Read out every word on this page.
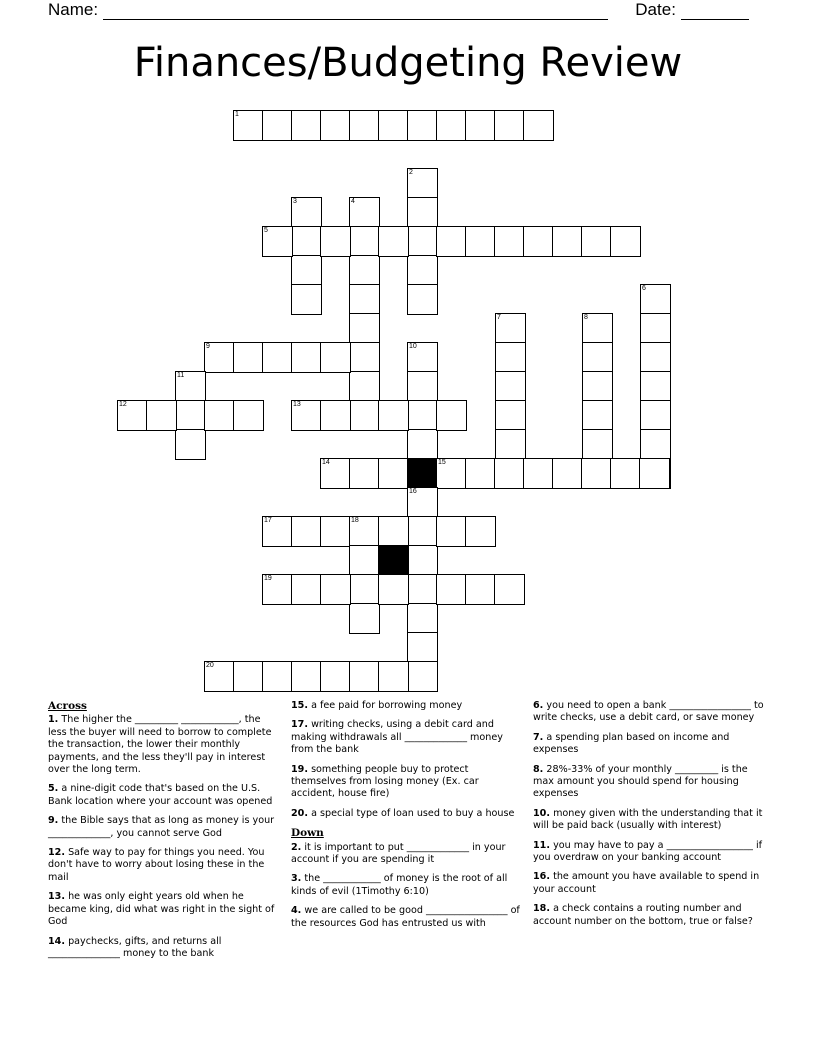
Name:	Date:
Finances/Budgeting Review
1
2
3	4
5
6
7	8
9	10
11
12	13
14	15
16
17	18
19
20
Across
1. The higher the _________ ____________, the less the buyer will need to borrow to complete the transaction, the lower their monthly payments, and the less they'll pay in interest over the long term.
5. a nine-digit code that's based on the U.S. Bank location where your account was opened
9. the Bible says that as long as money is your _____________, you cannot serve God
12. Safe way to pay for things you need. You don't have to worry about losing these in the mail
13. he was only eight years old when he became king, did what was right in the sight of God
14. paychecks, gifts, and returns all _______________ money to the bank
15. a fee paid for borrowing money
17. writing checks, using a debit card and making withdrawals all _____________ money from the bank
19. something people buy to protect themselves from losing money (Ex. car accident, house fire)
20. a special type of loan used to buy a house
Down
2. it is important to put _____________ in your account if you are spending it
3. the ____________ of money is the root of all kinds of evil (1Timothy 6:10)
4. we are called to be good _________________ of the resources God has entrusted us with
6. you need to open a bank _________________ to write checks, use a debit card, or save money
7. a spending plan based on income and expenses
8. 28%-33% of your monthly _________ is the max amount you should spend for housing expenses
10. money given with the understanding that it will be paid back (usually with interest)
11. you may have to pay a __________________ if you overdraw on your banking account
16. the amount you have available to spend in your account
18. a check contains a routing number and account number on the bottom, true or false?
